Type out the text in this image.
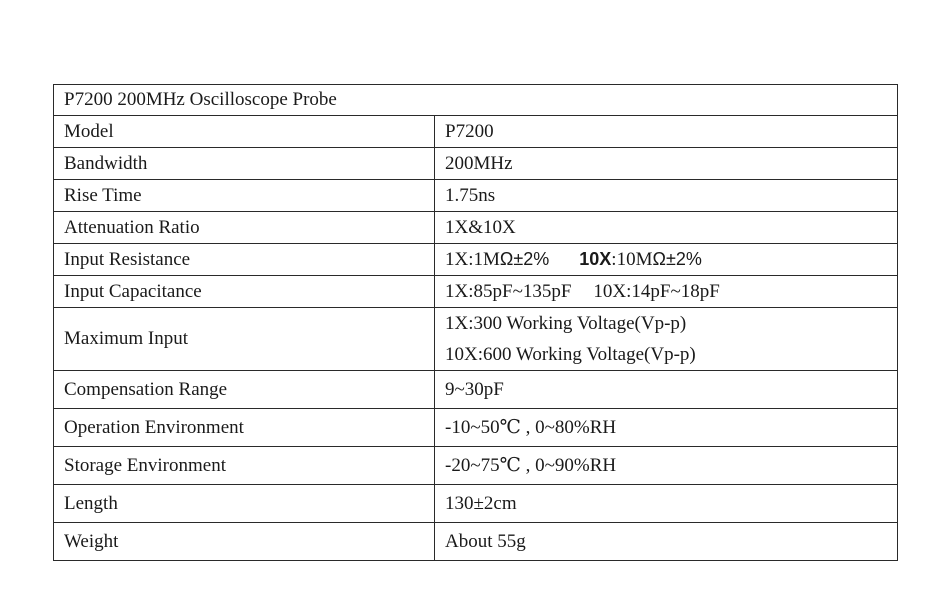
P7200 200MHz Oscilloscope Probe	
Model	P7200
Bandwidth	200MHz
Rise Time	1.75ns
Attenuation Ratio	1X&10X
Input Resistance	1X:1MΩ±2% 10X:10MΩ±2%
Input Capacitance	1X:85pF~135pF 10X:14pF~18pF
Maximum Input	1X:300 Working Voltage(Vp-p)
10X:600 Working Voltage(Vp-p)

Compensation Range	9~30pF
Operation Environment	-10~50℃ , 0~80%RH
Storage Environment	-20~75℃ , 0~90%RH
Length	130±2cm
Weight	About 55g
